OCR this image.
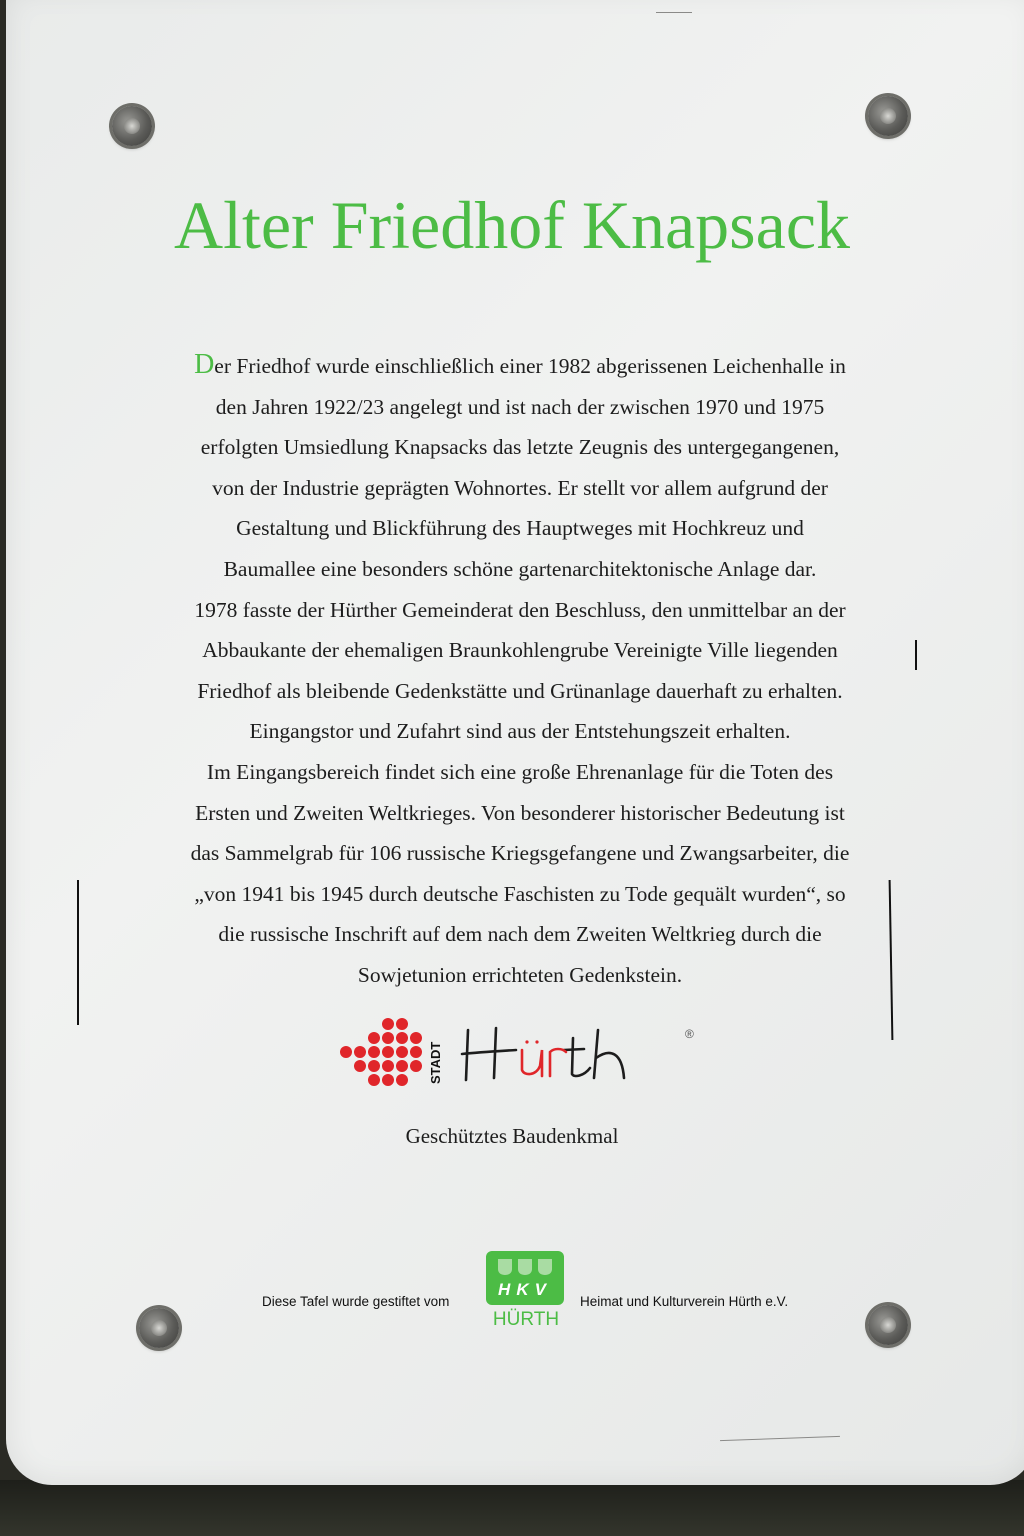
Alter Friedhof Knapsack
Der Friedhof wurde einschließlich einer 1982 abgerissenen Leichenhalle in
den Jahren 1922/23 angelegt und ist nach der zwischen 1970 und 1975
erfolgten Umsiedlung Knapsacks das letzte Zeugnis des untergegangenen,
von der Industrie geprägten Wohnortes. Er stellt vor allem aufgrund der
Gestaltung und Blickführung des Hauptweges mit Hochkreuz und
Baumallee eine besonders schöne gartenarchitektonische Anlage dar.
1978 fasste der Hürther Gemeinderat den Beschluss, den unmittelbar an der
Abbaukante der ehemaligen Braunkohlengrube Vereinigte Ville liegenden
Friedhof als bleibende Gedenkstätte und Grünanlage dauerhaft zu erhalten.
Eingangstor und Zufahrt sind aus der Entstehungszeit erhalten.
Im Eingangsbereich findet sich eine große Ehrenanlage für die Toten des
Ersten und Zweiten Weltkrieges. Von besonderer historischer Bedeutung ist
das Sammelgrab für 106 russische Kriegsgefangene und Zwangsarbeiter, die
„von 1941 bis 1945 durch deutsche Faschisten zu Tode gequält wurden“, so
die russische Inschrift auf dem nach dem Zweiten Weltkrieg durch die
Sowjetunion errichteten Gedenkstein.
STADT
®
Geschütztes Baudenkmal
Diese Tafel wurde gestiftet vom
HKV
HÜRTH
Heimat und Kulturverein Hürth e.V.
